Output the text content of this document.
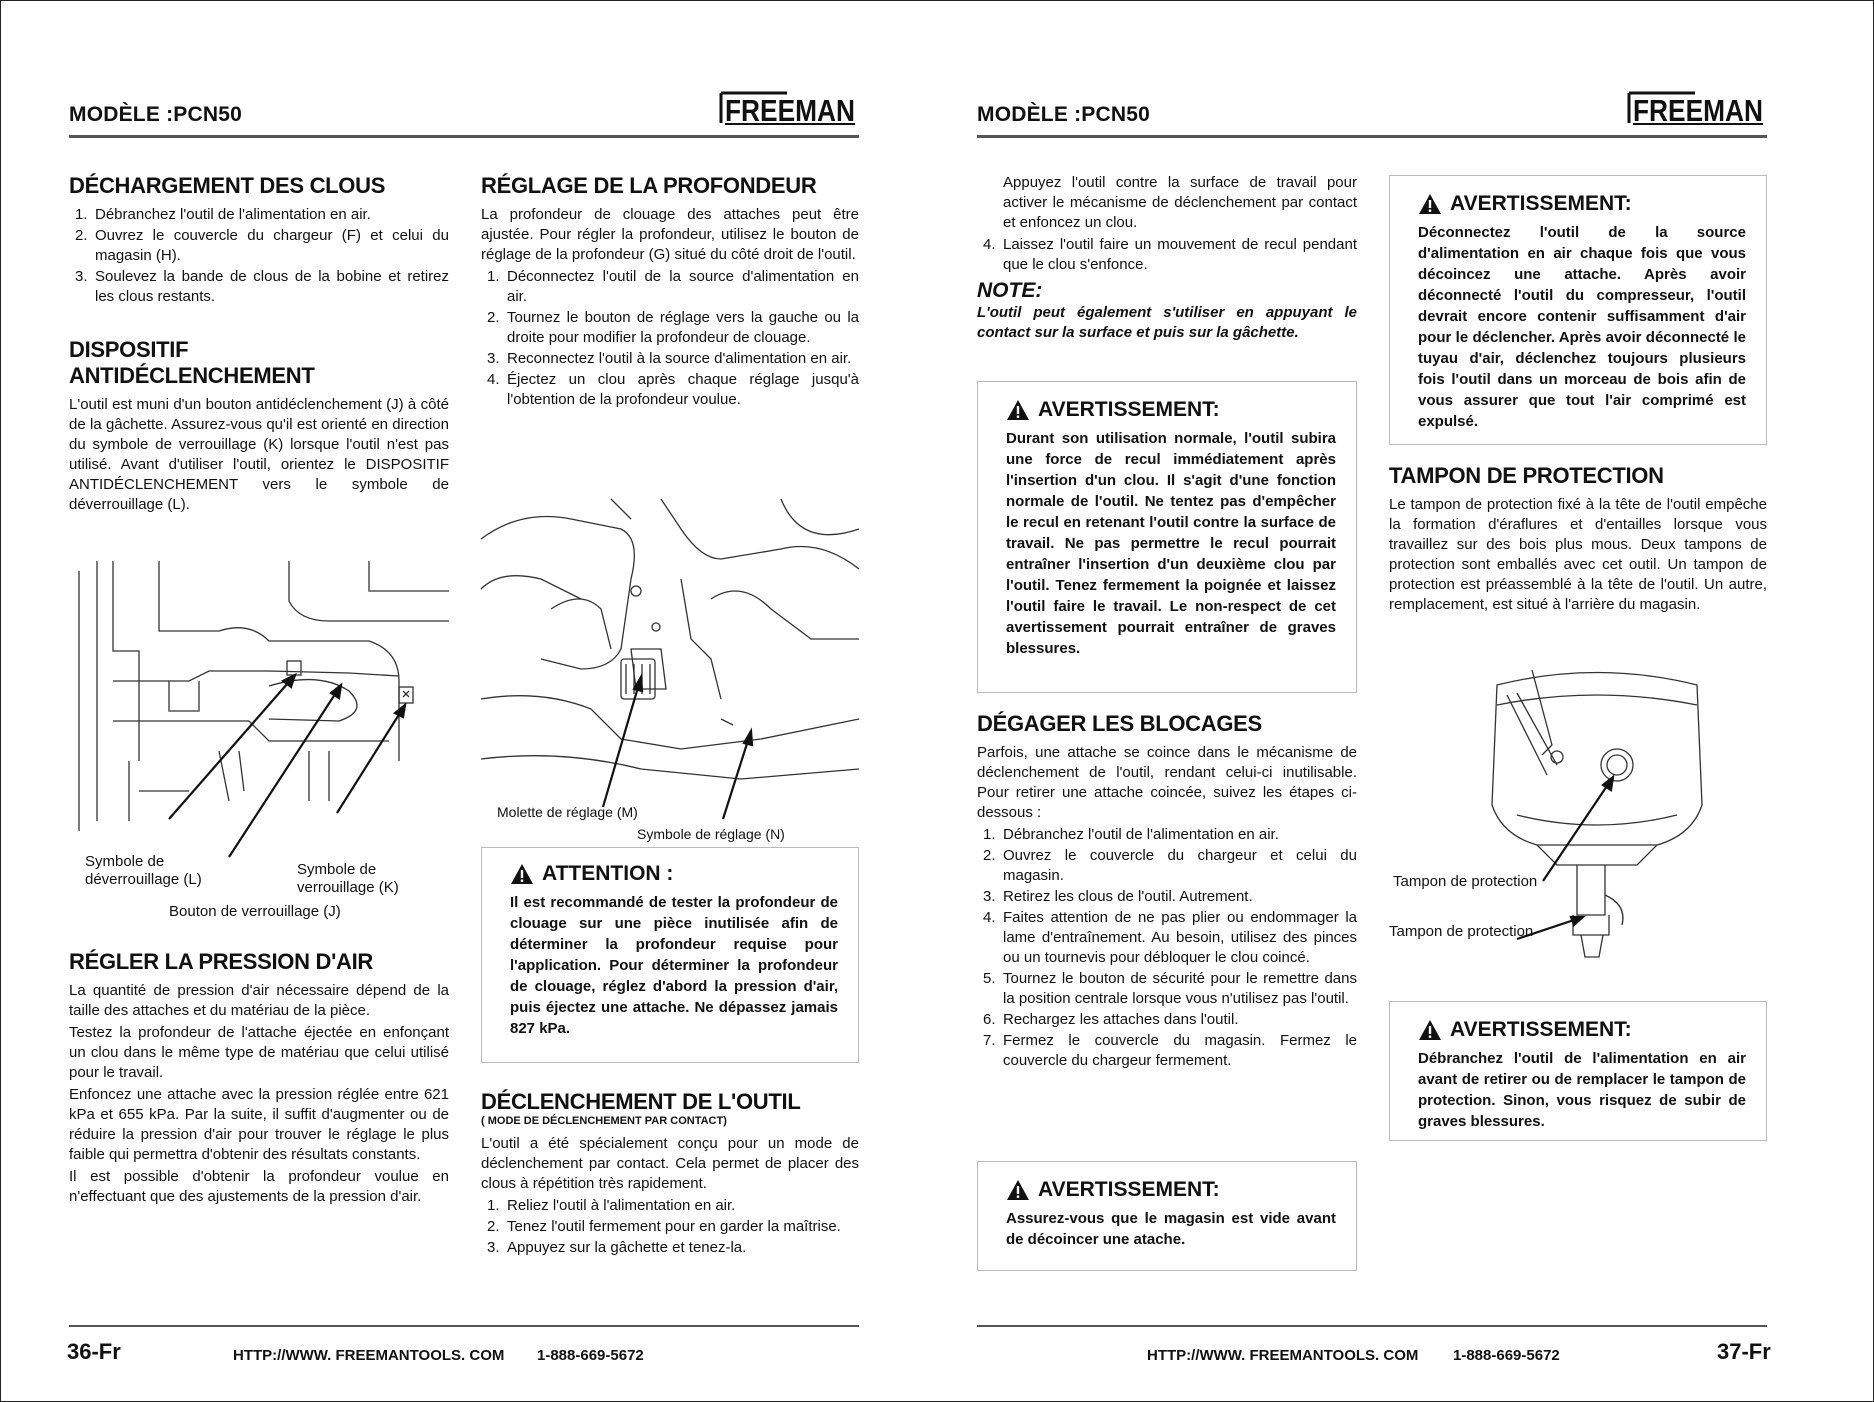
MODÈLE :PCN50	FREEMAN
DÉCHARGEMENT DES CLOUS
1. Débranchez l'outil de l'alimentation en air.
2. Ouvrez le couvercle du chargeur (F) et celui du magasin (H).
3. Soulevez la bande de clous de la bobine et retirez les clous restants.
DISPOSITIF
ANTIDÉCLENCHEMENT

L'outil est muni d'un bouton antidéclenchement (J) à côté de la gâchette. Assurez-vous qu'il est orienté en direction du symbole de verrouillage (K) lorsque l'outil n'est pas utilisé. Avant d'utiliser l'outil, orientez le DISPOSITIF ANTIDÉCLENCHEMENT vers le symbole de déverrouillage (L).

Symbole de déverrouillage (L)
Symbole de verrouillage (K)
Bouton de verrouillage (J)
RÉGLER LA PRESSION D'AIR

La quantité de pression d'air nécessaire dépend de la taille des attaches et du matériau de la pièce.

Testez la profondeur de l'attache éjectée en enfonçant un clou dans le même type de matériau que celui utilisé pour le travail.

Enfoncez une attache avec la pression réglée entre 621 kPa et 655 kPa. Par la suite, il suffit d'augmenter ou de réduire la pression d'air pour trouver le réglage le plus faible qui permettra d'obtenir des résultats constants.

Il est possible d'obtenir la profondeur voulue en n'effectuant que des ajustements de la pression d'air.

RÉGLAGE DE LA PROFONDEUR

La profondeur de clouage des attaches peut être ajustée. Pour régler la profondeur, utilisez le bouton de réglage de la profondeur (G) situé du côté droit de l'outil.

1. Déconnectez l'outil de la source d'alimentation en air.
2. Tournez le bouton de réglage vers la gauche ou la droite pour modifier la profondeur de clouage.
3. Reconnectez l'outil à la source d'alimentation en air.
4. Éjectez un clou après chaque réglage jusqu'à l'obtention de la profondeur voulue.
Molette de réglage (M)
Symbole de réglage (N)
ATTENTION :
Il est recommandé de tester la profondeur de clouage sur une pièce inutilisée afin de déterminer la profondeur requise pour l'application. Pour déterminer la profondeur de clouage, réglez d'abord la pression d'air, puis éjectez une attache. Ne dépassez jamais 827 kPa.
DÉCLENCHEMENT DE L'OUTIL
( MODE DE DÉCLENCHEMENT PAR CONTACT)

L'outil a été spécialement conçu pour un mode de déclenchement par contact. Cela permet de placer des clous à répétition très rapidement.

1. Reliez l'outil à l'alimentation en air.
2. Tenez l'outil fermement pour en garder la maîtrise.
3. Appuyez sur la gâchette et tenez-la.
36-Fr	HTTP://WWW. FREEMANTOOLS. COM 1-888-669-5672
MODÈLE :PCN50	FREEMAN

Appuyez l'outil contre la surface de travail pour activer le mécanisme de déclenchement par contact et enfoncez un clou.

4. Laissez l'outil faire un mouvement de recul pendant que le clou s'enfonce.
NOTE:
L'outil peut également s'utiliser en appuyant le contact sur la surface et puis sur la gâchette.
AVERTISSEMENT:
Durant son utilisation normale, l'outil subira une force de recul immédiatement après l'insertion d'un clou. Il s'agit d'une fonction normale de l'outil. Ne tentez pas d'empêcher le recul en retenant l'outil contre la surface de travail. Ne pas permettre le recul pourrait entraîner l'insertion d'un deuxième clou par l'outil. Tenez fermement la poignée et laissez l'outil faire le travail. Le non-respect de cet avertissement pourrait entraîner de graves blessures.
DÉGAGER LES BLOCAGES

Parfois, une attache se coince dans le mécanisme de déclenchement de l'outil, rendant celui-ci inutilisable. Pour retirer une attache coincée, suivez les étapes ci-dessous :

1. Débranchez l'outil de l'alimentation en air.
2. Ouvrez le couvercle du chargeur et celui du magasin.
3. Retirez les clous de l'outil. Autrement.
4. Faites attention de ne pas plier ou endommager la lame d'entraînement. Au besoin, utilisez des pinces ou un tournevis pour débloquer le clou coincé.
5. Tournez le bouton de sécurité pour le remettre dans la position centrale lorsque vous n'utilisez pas l'outil.
6. Rechargez les attaches dans l'outil.
7. Fermez le couvercle du magasin. Fermez le couvercle du chargeur fermement.
AVERTISSEMENT:
Assurez-vous que le magasin est vide avant de décoincer une atache.
AVERTISSEMENT:
Déconnectez l'outil de la source d'alimentation en air chaque fois que vous décoincez une attache. Après avoir déconnecté l'outil du compresseur, l'outil devrait encore contenir suffisamment d'air pour le déclencher. Après avoir déconnecté le tuyau d'air, déclenchez toujours plusieurs fois l'outil dans un morceau de bois afin de vous assurer que tout l'air comprimé est expulsé.
TAMPON DE PROTECTION

Le tampon de protection fixé à la tête de l'outil empêche la formation d'éraflures et d'entailles lorsque vous travaillez sur des bois plus mous. Deux tampons de protection sont emballés avec cet outil. Un tampon de protection est préassemblé à la tête de l'outil. Un autre, remplacement, est situé à l'arrière du magasin.

Tampon de protection
Tampon de protection
AVERTISSEMENT:
Débranchez l'outil de l'alimentation en air avant de retirer ou de remplacer le tampon de protection. Sinon, vous risquez de subir de graves blessures.
HTTP://WWW. FREEMANTOOLS. COM 1-888-669-5672	37-Fr
